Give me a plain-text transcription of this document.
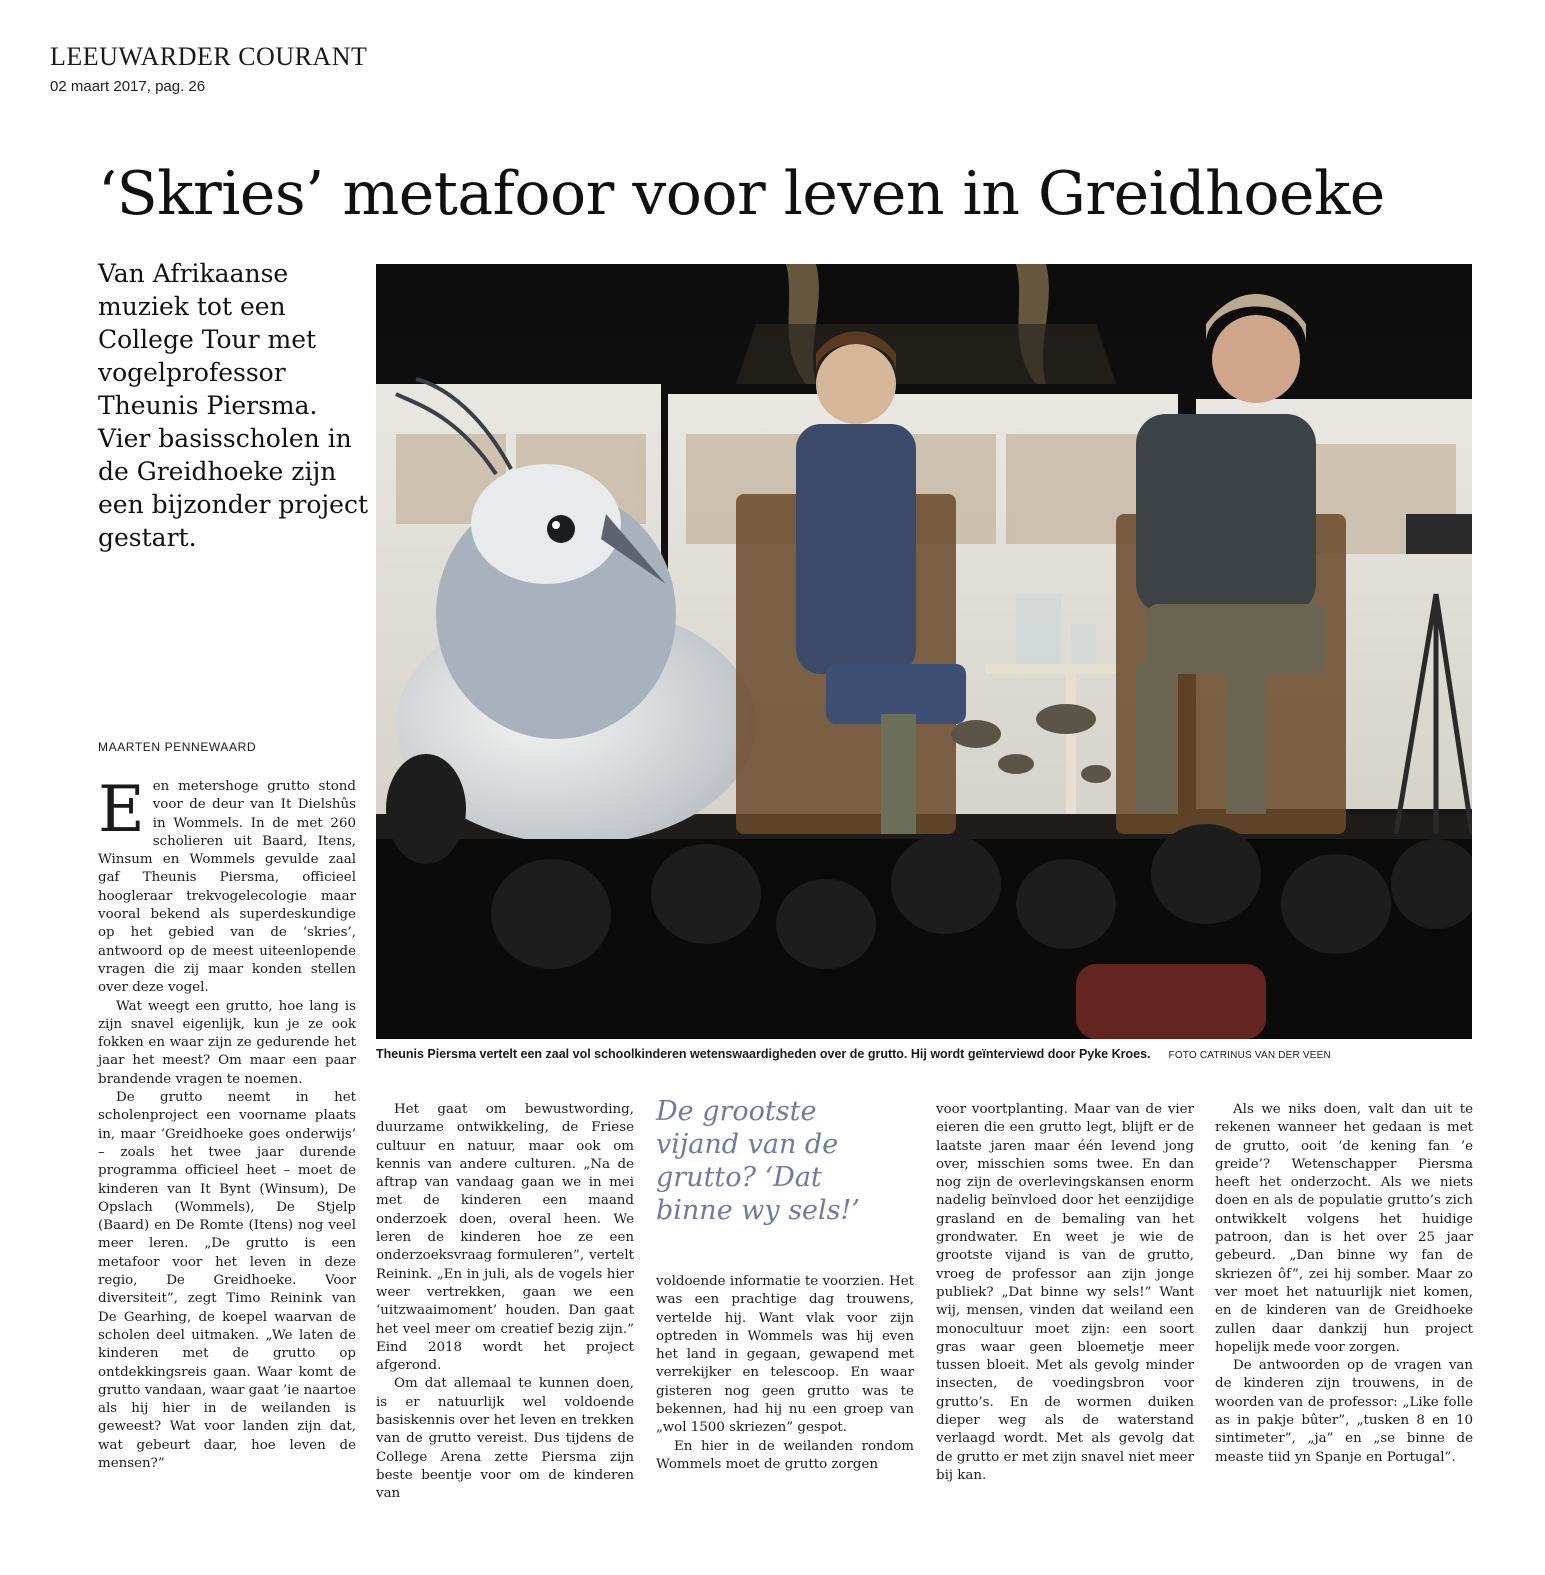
LEEUWARDER COURANT
02 maart 2017, pag. 26
‘Skries’ metafoor voor leven in Greidhoeke
Van Afrikaanse muziek tot een College Tour met vogelprofessor Theunis Piersma. Vier basisscholen in de Greidhoeke zijn een bijzonder project gestart.
Theunis Piersma vertelt een zaal vol schoolkinderen wetenswaardigheden over de grutto. Hij wordt geïnterviewd door Pyke Kroes. FOTO CATRINUS VAN DER VEEN
MAARTEN PENNEWAARD

Een metershoge grutto stond voor de deur van It Dielshûs in Wommels. In de met 260 scholieren uit Baard, Itens, Winsum en Wommels gevulde zaal gaf Theunis Piersma, officieel hoogleraar trekvogelecologie maar vooral bekend als superdeskundige op het gebied van de ‘skries’, antwoord op de meest uiteenlopende vragen die zij maar konden stellen over deze vogel.

Wat weegt een grutto, hoe lang is zijn snavel eigenlijk, kun je ze ook fokken en waar zijn ze gedurende het jaar het meest? Om maar een paar brandende vragen te noemen.

De grutto neemt in het scholenproject een voorname plaats in, maar ‘Greidhoeke goes onderwijs’ – zoals het twee jaar durende programma officieel heet – moet de kinderen van It Bynt (Winsum), De Opslach (Wommels), De Stjelp (Baard) en De Romte (Itens) nog veel meer leren. „De grutto is een metafoor voor het leven in deze regio, De Greidhoeke. Voor diversiteit”, zegt Timo Reinink van De Gearhing, de koepel waarvan de scholen deel uitmaken. „We laten de kinderen met de grutto op ontdekkingsreis gaan. Waar komt de grutto vandaan, waar gaat ’ie naartoe als hij hier in de weilanden is geweest? Wat voor landen zijn dat, wat gebeurt daar, hoe leven de mensen?”

Het gaat om bewustwording, duurzame ontwikkeling, de Friese cultuur en natuur, maar ook om kennis van andere culturen. „Na de aftrap van vandaag gaan we in mei met de kinderen een maand onderzoek doen, overal heen. We leren de kinderen hoe ze een onderzoeksvraag formuleren”, vertelt Reinink. „En in juli, als de vogels hier weer vertrekken, gaan we een ‘uitzwaaimoment’ houden. Dan gaat het veel meer om creatief bezig zijn.” Eind 2018 wordt het project afgerond.

Om dat allemaal te kunnen doen, is er natuurlijk wel voldoende basiskennis over het leven en trekken van de grutto vereist. Dus tijdens de College Arena zette Piersma zijn beste beentje voor om de kinderen van

De grootste vijand van de grutto? ‘Dat binne wy sels!’

voldoende informatie te voorzien. Het was een prachtige dag trouwens, vertelde hij. Want vlak voor zijn optreden in Wommels was hij even het land in gegaan, gewapend met verrekijker en telescoop. En waar gisteren nog geen grutto was te bekennen, had hij nu een groep van „wol 1500 skriezen” gespot.

En hier in de weilanden rondom Wommels moet de grutto zorgen

voor voortplanting. Maar van de vier eieren die een grutto legt, blijft er de laatste jaren maar één levend jong over, misschien soms twee. En dan nog zijn de overlevingskansen enorm nadelig beïnvloed door het eenzijdige grasland en de bemaling van het grondwater. En weet je wie de grootste vijand is van de grutto, vroeg de professor aan zijn jonge publiek? „Dat binne wy sels!” Want wij, mensen, vinden dat weiland een monocultuur moet zijn: een soort gras waar geen bloemetje meer tussen bloeit. Met als gevolg minder insecten, de voedingsbron voor grutto’s. En de wormen duiken dieper weg als de waterstand verlaagd wordt. Met als gevolg dat de grutto er met zijn snavel niet meer bij kan.

Als we niks doen, valt dan uit te rekenen wanneer het gedaan is met de grutto, ooit ‘de kening fan ’e greide’? Wetenschapper Piersma heeft het onderzocht. Als we niets doen en als de populatie grutto’s zich ontwikkelt volgens het huidige patroon, dan is het over 25 jaar gebeurd. „Dan binne wy fan de skriezen ôf”, zei hij somber. Maar zo ver moet het natuurlijk niet komen, en de kinderen van de Greidhoeke zullen daar dankzij hun project hopelijk mede voor zorgen.

De antwoorden op de vragen van de kinderen zijn trouwens, in de woorden van de professor: „Like folle as in pakje bûter”, „tusken 8 en 10 sintimeter”, „ja” en „se binne de measte tiid yn Spanje en Portugal”.
